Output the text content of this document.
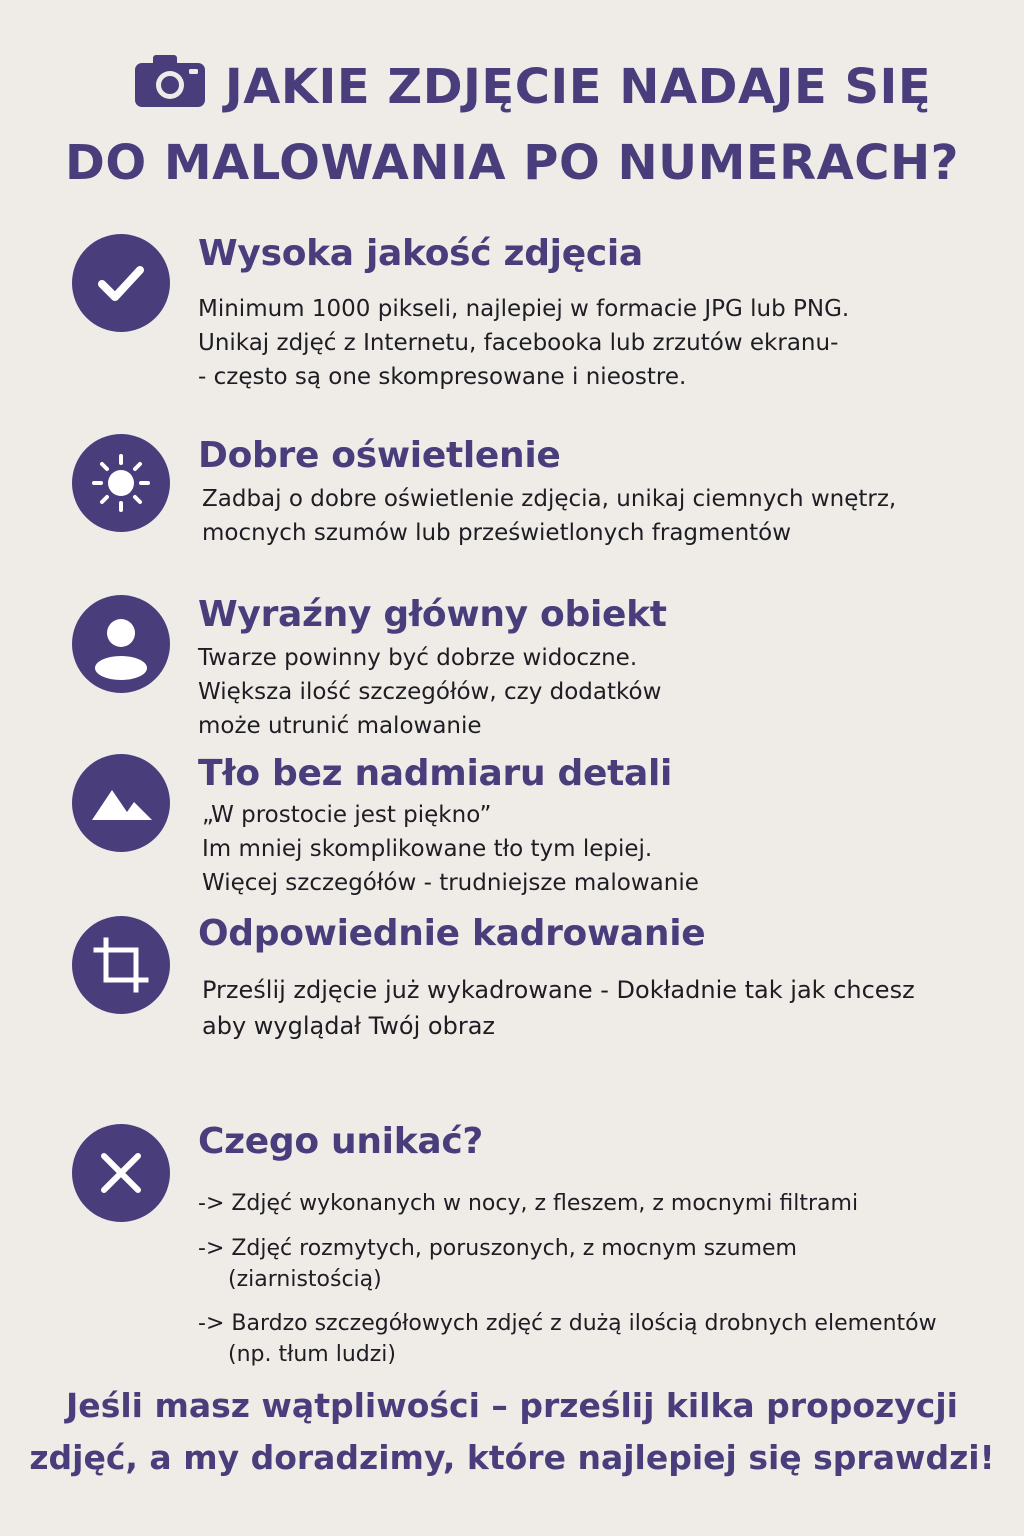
JAKIE ZDJĘCIE NADAJE SIĘ
DO MALOWANIA PO NUMERACH?
Wysoka jakość zdjęcia
Minimum 1000 pikseli, najlepiej w formacie JPG lub PNG.
Unikaj zdjęć z Internetu, facebooka lub zrzutów ekranu-
- często są one skompresowane i nieostre.
Dobre oświetlenie
Zadbaj o dobre oświetlenie zdjęcia, unikaj ciemnych wnętrz,
mocnych szumów lub prześwietlonych fragmentów
Wyraźny główny obiekt
Twarze powinny być dobrze widoczne.
Większa ilość szczegółów, czy dodatków
może utrunić malowanie
Tło bez nadmiaru detali
„W prostocie jest piękno”
Im mniej skomplikowane tło tym lepiej.
Więcej szczegółów - trudniejsze malowanie
Odpowiednie kadrowanie
Prześlij zdjęcie już wykadrowane - Dokładnie tak jak chcesz
aby wyglądał Twój obraz
Czego unikać?
-> Zdjęć wykonanych w nocy, z fleszem, z mocnymi filtrami
-> Zdjęć rozmytych, poruszonych, z mocnym szumem
(ziarnistością)
-> Bardzo szczegółowych zdjęć z dużą ilością drobnych elementów
(np. tłum ludzi)
Jeśli masz wątpliwości – prześlij kilka propozycji
zdjęć, a my doradzimy, które najlepiej się sprawdzi!
